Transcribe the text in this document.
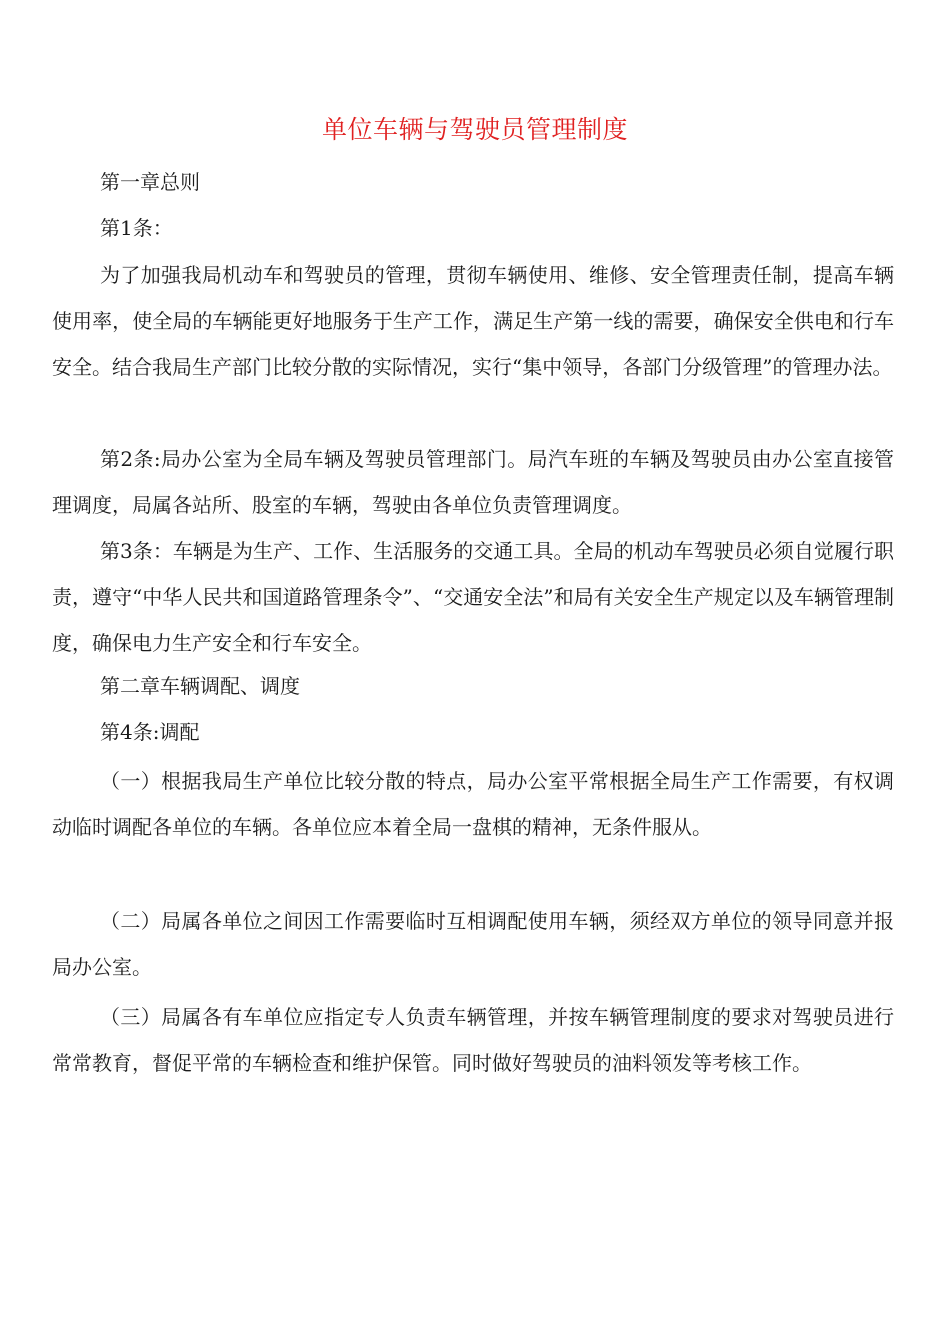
单位车辆与驾驶员管理制度
第一章总则
第1条：
为了加强我局机动车和驾驶员的管理，贯彻车辆使用、维修、安全管理责任制，提高车辆使用率，使全局的车辆能更好地服务于生产工作，满足生产第一线的需要，确保安全供电和行车安全。结合我局生产部门比较分散的实际情况，实行“集中领导，各部门分级管理”的管理办法。
第2条:局办公室为全局车辆及驾驶员管理部门。局汽车班的车辆及驾驶员由办公室直接管理调度，局属各站所、股室的车辆，驾驶由各单位负责管理调度。
第3条：车辆是为生产、工作、生活服务的交通工具。全局的机动车驾驶员必须自觉履行职责，遵守“中华人民共和国道路管理条令”、“交通安全法”和局有关安全生产规定以及车辆管理制度，确保电力生产安全和行车安全。
第二章车辆调配、调度
第4条:调配
（一）根据我局生产单位比较分散的特点，局办公室平常根据全局生产工作需要，有权调动临时调配各单位的车辆。各单位应本着全局一盘棋的精神，无条件服从。
（二）局属各单位之间因工作需要临时互相调配使用车辆，须经双方单位的领导同意并报局办公室。
（三）局属各有车单位应指定专人负责车辆管理，并按车辆管理制度的要求对驾驶员进行常常教育，督促平常的车辆检查和维护保管。同时做好驾驶员的油料领发等考核工作。
